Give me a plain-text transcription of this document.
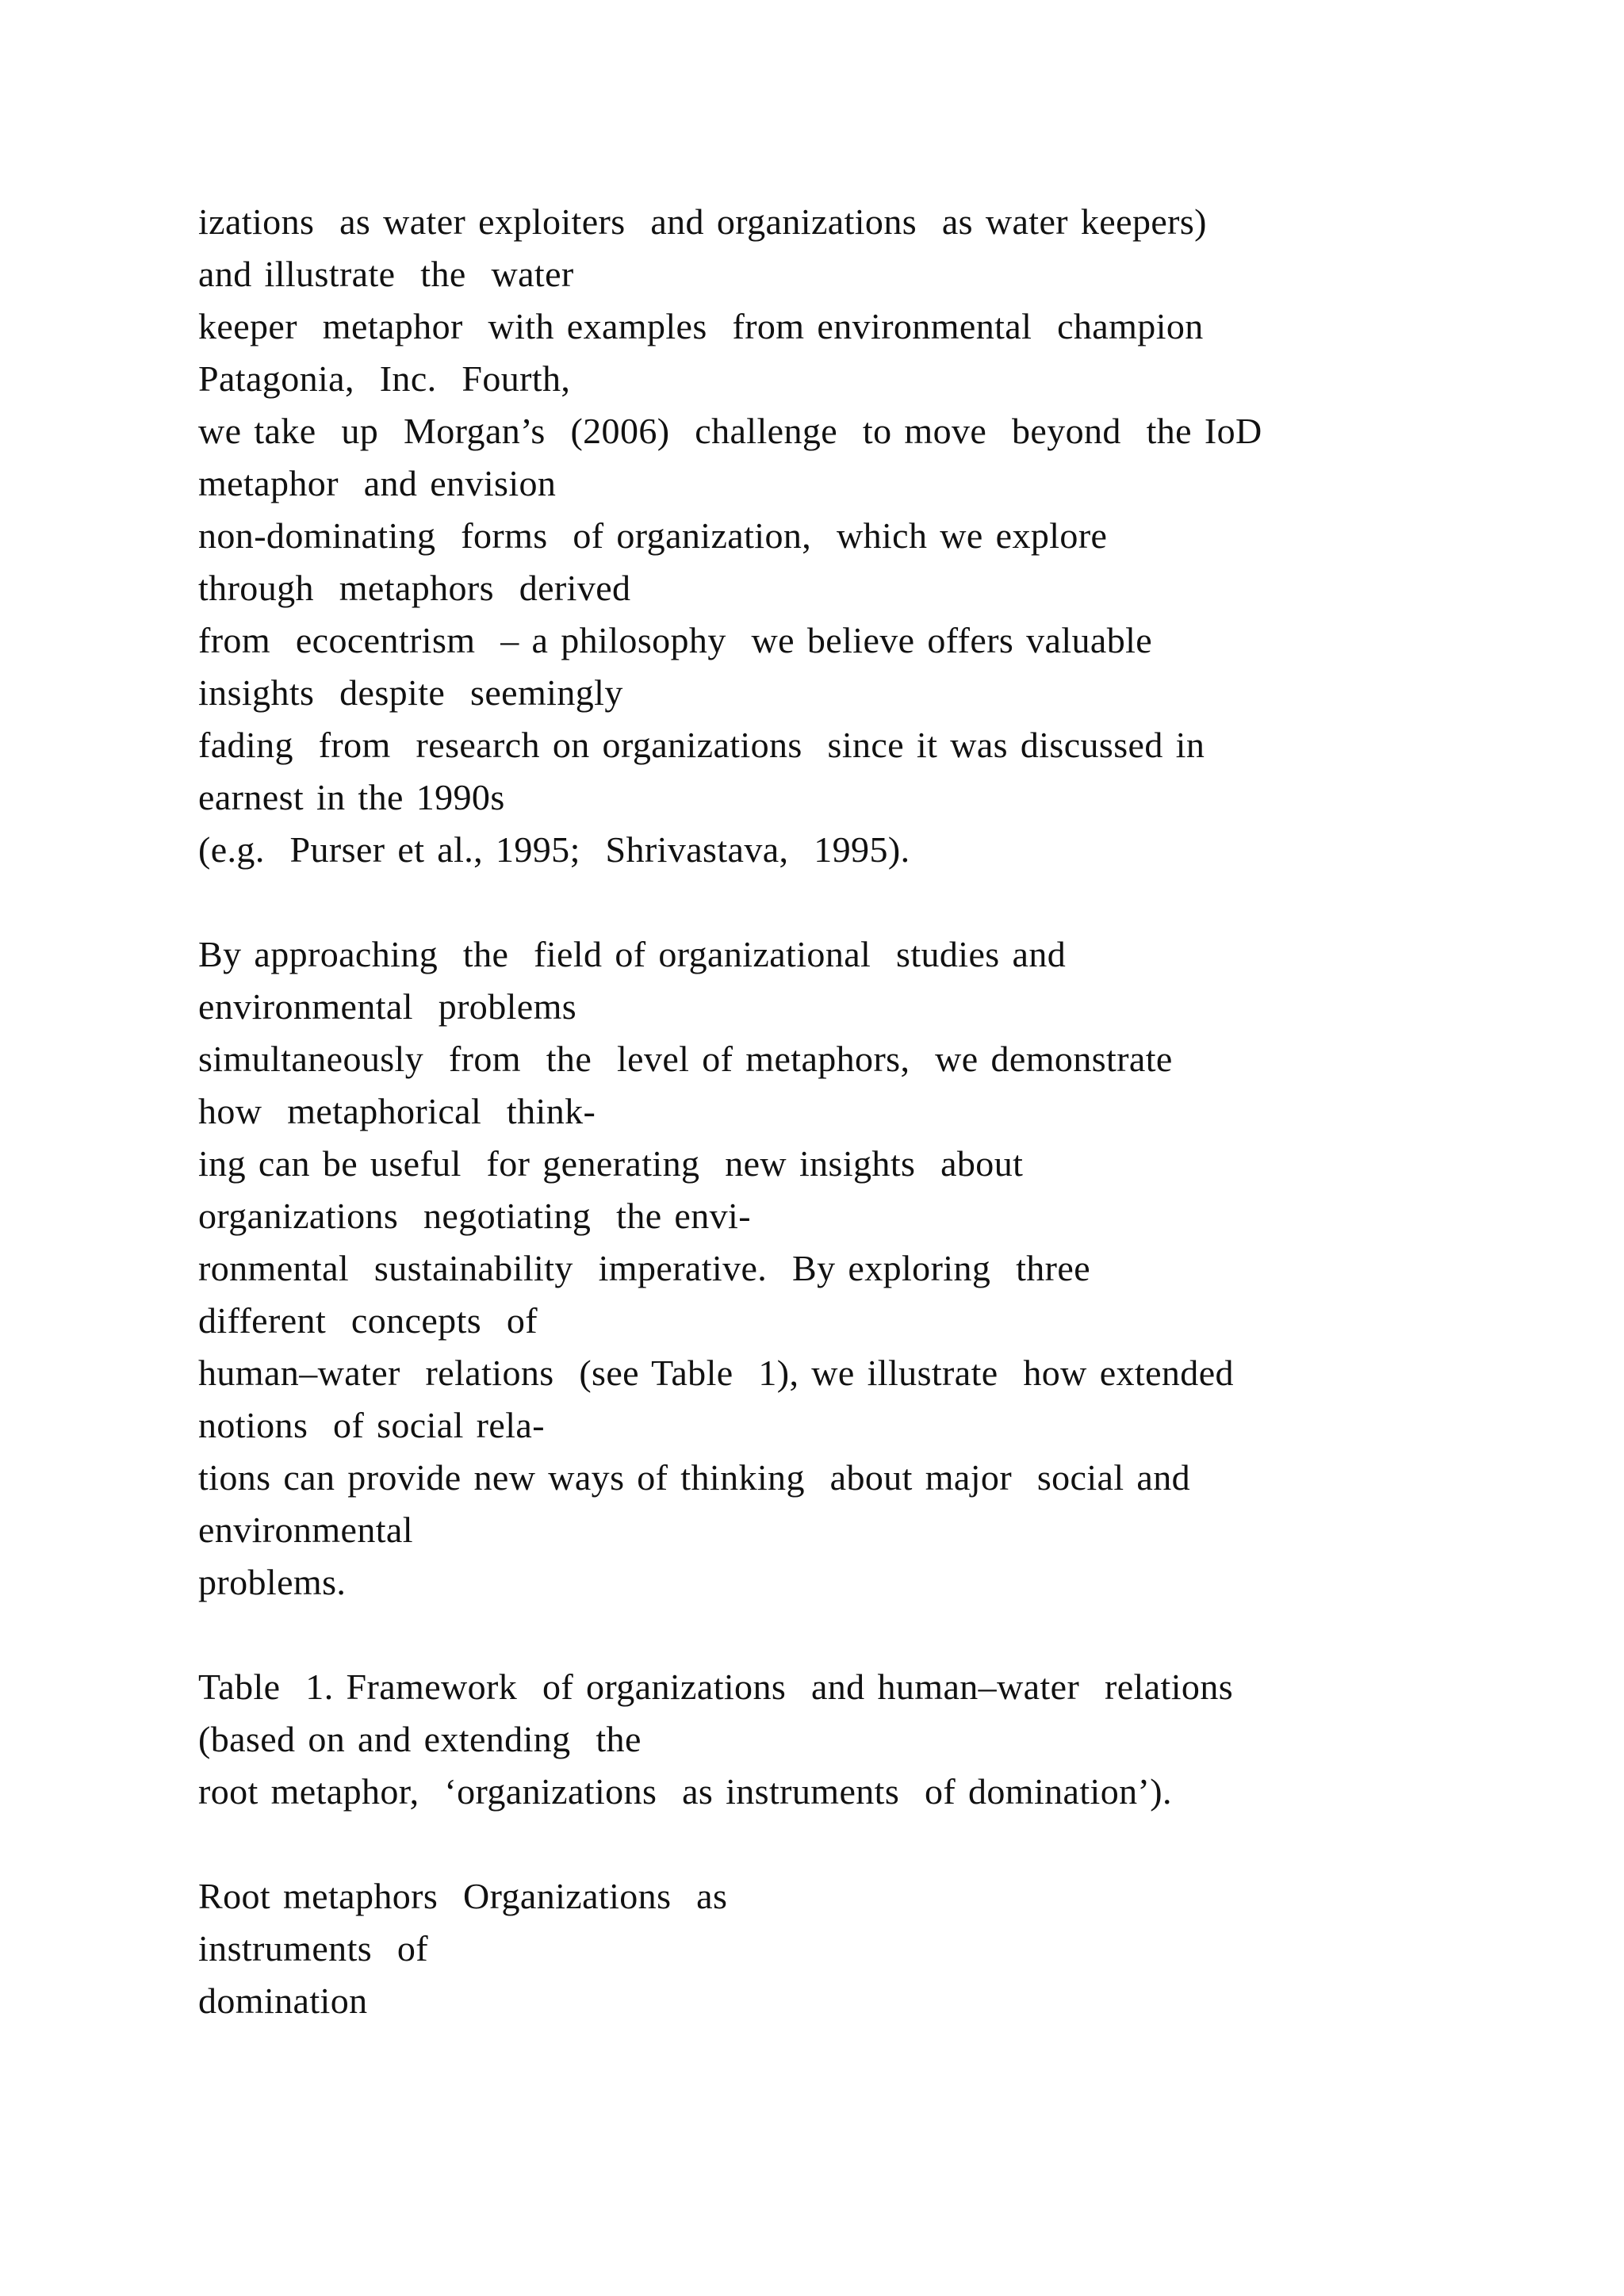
izations  as water exploiters  and organizations  as water keepers)

and illustrate  the  water

keeper  metaphor  with examples  from environmental  champion

Patagonia,  Inc.  Fourth,

we take  up  Morgan’s  (2006)  challenge  to move  beyond  the IoD

metaphor  and envision

non-dominating  forms  of organization,  which we explore

through  metaphors  derived

from  ecocentrism  – a philosophy  we believe offers valuable

insights  despite  seemingly

fading  from  research on organizations  since it was discussed in

earnest in the 1990s

(e.g.  Purser et al., 1995;  Shrivastava,  1995).

By approaching  the  field of organizational  studies and

environmental  problems

simultaneously  from  the  level of metaphors,  we demonstrate

how  metaphorical  think-

ing can be useful  for generating  new insights  about

organizations  negotiating  the envi-

ronmental  sustainability  imperative.  By exploring  three

different  concepts  of

human–water  relations  (see Table  1), we illustrate  how extended

notions  of social rela-

tions can provide new ways of thinking  about major  social and

environmental

problems.

Table  1. Framework  of organizations  and human–water  relations

(based on and extending  the

root metaphor,  ‘organizations  as instruments  of domination’).

Root metaphors  Organizations  as

instruments  of

domination
